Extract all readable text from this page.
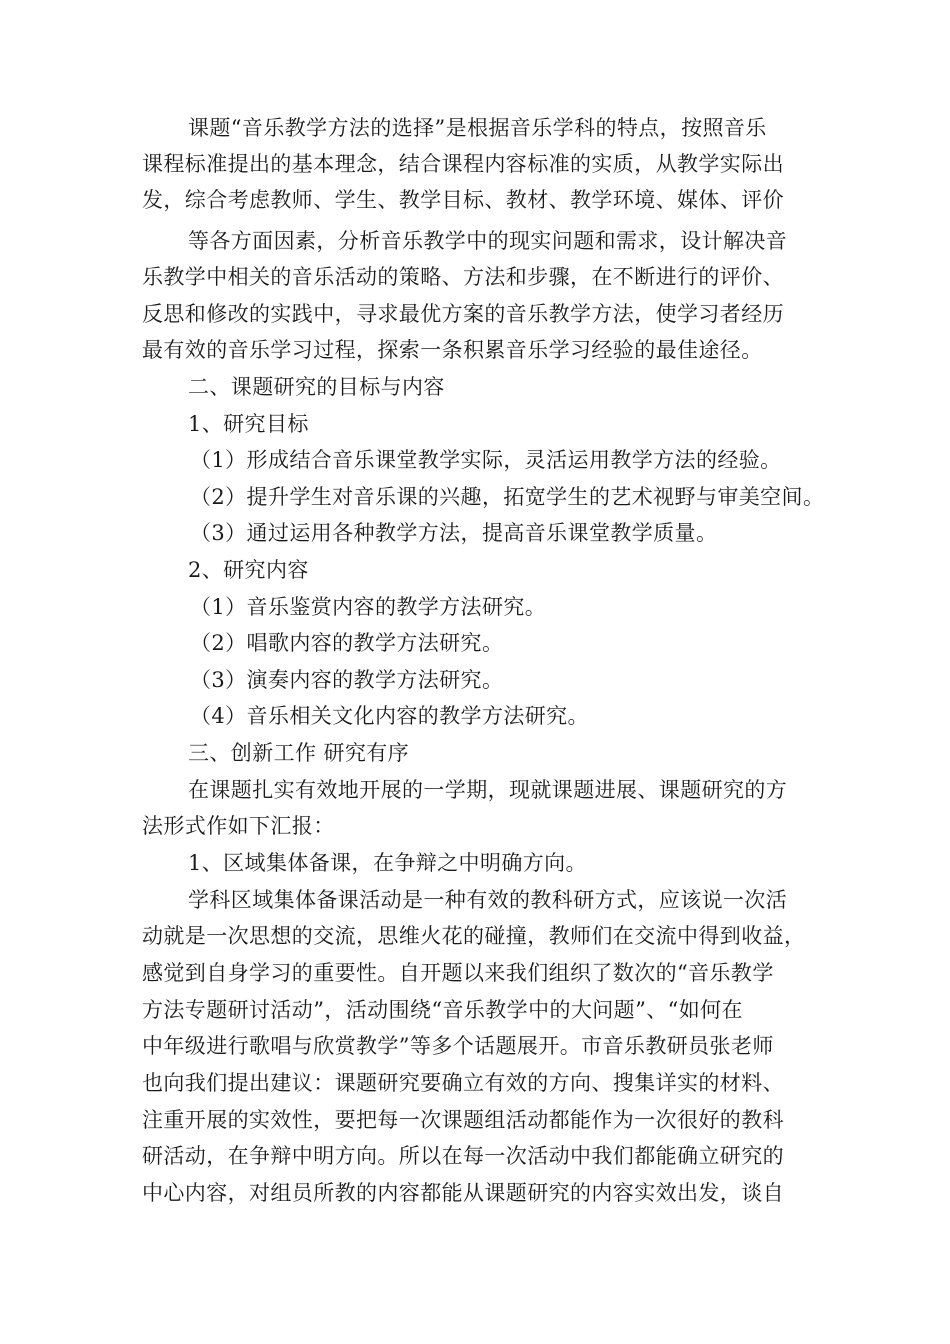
课题“音乐教学方法的选择”是根据音乐学科的特点，按照音乐
课程标准提出的基本理念，结合课程内容标准的实质，从教学实际出
发，综合考虑教师、学生、教学目标、教材、教学环境、媒体、评价
等各方面因素，分析音乐教学中的现实问题和需求，设计解决音
乐教学中相关的音乐活动的策略、方法和步骤，在不断进行的评价、
反思和修改的实践中，寻求最优方案的音乐教学方法，使学习者经历
最有效的音乐学习过程，探索一条积累音乐学习经验的最佳途径。
二、课题研究的目标与内容
1、研究目标
（1）形成结合音乐课堂教学实际，灵活运用教学方法的经验。
（2）提升学生对音乐课的兴趣，拓宽学生的艺术视野与审美空间。
（3）通过运用各种教学方法，提高音乐课堂教学质量。
2、研究内容
（1）音乐鉴赏内容的教学方法研究。
（2）唱歌内容的教学方法研究。
（3）演奏内容的教学方法研究。
（4）音乐相关文化内容的教学方法研究。
三、创新工作 研究有序
在课题扎实有效地开展的一学期，现就课题进展、课题研究的方
法形式作如下汇报：
1、区域集体备课，在争辩之中明确方向。
学科区域集体备课活动是一种有效的教科研方式，应该说一次活
动就是一次思想的交流，思维火花的碰撞，教师们在交流中得到收益，
感觉到自身学习的重要性。自开题以来我们组织了数次的“音乐教学
方法专题研讨活动”，活动围绕“音乐教学中的大问题”、“如何在
中年级进行歌唱与欣赏教学”等多个话题展开。市音乐教研员张老师
也向我们提出建议：课题研究要确立有效的方向、搜集详实的材料、
注重开展的实效性，要把每一次课题组活动都能作为一次很好的教科
研活动，在争辩中明方向。所以在每一次活动中我们都能确立研究的
中心内容，对组员所教的内容都能从课题研究的内容实效出发，谈自
